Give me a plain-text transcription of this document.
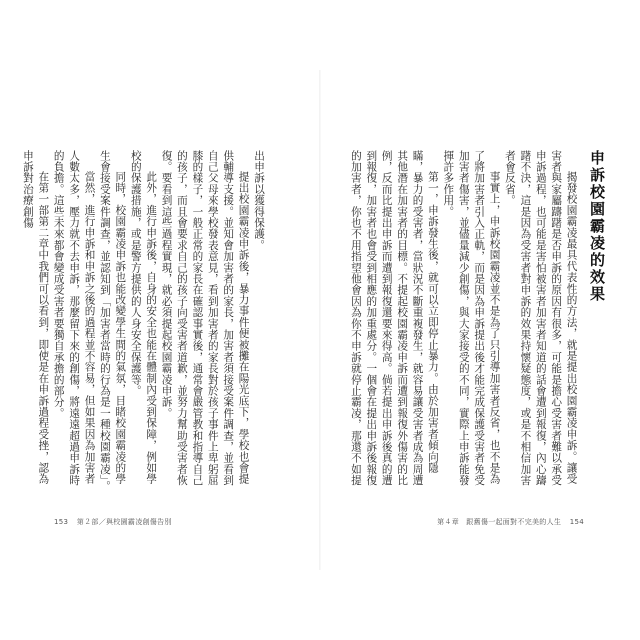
出申訴以獲得保護。

提出校園霸凌申訴後，暴力事件便被攤在陽光底下，學校也會提供輔導支援。並知會加害者的家長，加害者須接受案件調查，並看到自己父母來學校發表意見，看到加害者的家長對於孩子事件上卑躬屈膝的樣子，一般正常的家長在確認事實後，通常會嚴管教和指導自己的孩子，而且會要求自己的孩子向受害者道歉，並努力幫助受害者恢復。要看到這些過程實現，就必須提起校園霸凌申訴。

此外，進行申訴後，自身的安全也能在體制內受到保障，例如學校的保護措施，或是警方提供的人身安全保護等。

同時，校園霸凌申訴也能改變學生間的氣氛，目睹校園霸凌的學生會接受案件調查，並認知到「加害者當時的行為是一種校園霸凌」。

當然，進行申訴和申訴之後的過程並不容易，但如果因為加害者人數太多，壓力就不去申訴，那麼留下來的創傷，將遠遠超過申訴時的負擔。這些未來都會變成受害者要獨自承擔的部分。

在第一部第二章中我們可以看到，即使是在申訴過程受挫，認為申訴對治療創傷

153 第２部／與校園霸凌創傷告別

申訴校園霸凌的效果

揭發校園霸凌最具代表性的方法，就是提出校園霸凌申訴。讓受害者與家屬躊躇是否申訴的原因有很多，可能是擔心受害者難以承受申訴過程，也可能是害怕被害者加害者知道的話會遭到報復，內心躊躇不決，這是因為受害者對申訴的效果持懷疑態度，或是不相信加害者會反省。

事實上，申訴校園霸凌並不是為了只引導加害者反省，也不是為了將加害者引入正軌，而是因為申訴提出後才能完成保護受害者免受加害者傷害，並儘量減少創傷，與大家接受的不同，實際上申訴能發揮許多作用。

第一，申訴發生後，就可以立即停止暴力。由於加害者傾向隱瞞，暴力的受害者，當狀況不斷重複發生，就容易讓受害者成為周遭其他潛在加害者的目標。不提起校園霸凌申訴而遭到報復外傷害的比例，反而比提出申訴而遭到報復還要來得高。倘若提出申訴後真的遭到報復，加害者也會受到相應的加重處分。一個會在提出申訴後報復的加害者，你也不用指望他會因為你不申訴就停止霸凌，那還不如提

第４章　跟舊傷一起面對不完美的人生 154
